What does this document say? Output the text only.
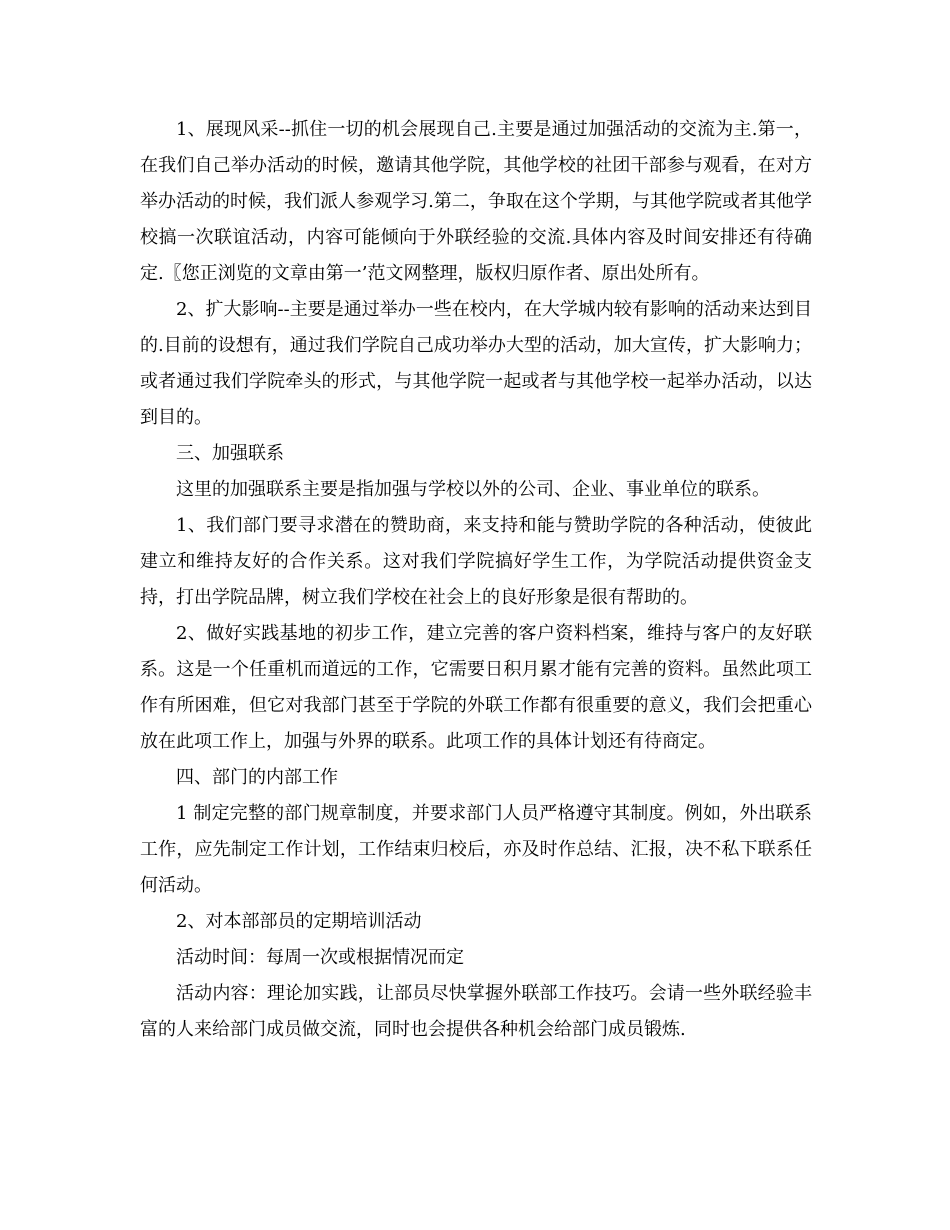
1、展现风采--抓住一切的机会展现自己.主要是通过加强活动的交流为主.第一，在我们自己举办活动的时候，邀请其他学院，其他学校的社团干部参与观看，在对方举办活动的时候，我们派人参观学习.第二，争取在这个学期，与其他学院或者其他学校搞一次联谊活动，内容可能倾向于外联经验的交流.具体内容及时间安排还有待确定.〖您正浏览的文章由第一’范文网整理，版权归原作者、原出处所有。

2、扩大影响--主要是通过举办一些在校内，在大学城内较有影响的活动来达到目的.目前的设想有，通过我们学院自己成功举办大型的活动，加大宣传，扩大影响力；或者通过我们学院牵头的形式，与其他学院一起或者与其他学校一起举办活动，以达到目的。

三、加强联系

这里的加强联系主要是指加强与学校以外的公司、企业、事业单位的联系。

1、我们部门要寻求潜在的赞助商，来支持和能与赞助学院的各种活动，使彼此建立和维持友好的合作关系。这对我们学院搞好学生工作，为学院活动提供资金支持，打出学院品牌，树立我们学校在社会上的良好形象是很有帮助的。

2、做好实践基地的初步工作，建立完善的客户资料档案，维持与客户的友好联系。这是一个任重机而道远的工作，它需要日积月累才能有完善的资料。虽然此项工作有所困难，但它对我部门甚至于学院的外联工作都有很重要的意义，我们会把重心放在此项工作上，加强与外界的联系。此项工作的具体计划还有待商定。

四、部门的内部工作

1 制定完整的部门规章制度，并要求部门人员严格遵守其制度。例如，外出联系工作，应先制定工作计划，工作结束归校后，亦及时作总结、汇报，决不私下联系任何活动。

2、对本部部员的定期培训活动

活动时间：每周一次或根据情况而定

活动内容：理论加实践，让部员尽快掌握外联部工作技巧。会请一些外联经验丰富的人来给部门成员做交流，同时也会提供各种机会给部门成员锻炼.
